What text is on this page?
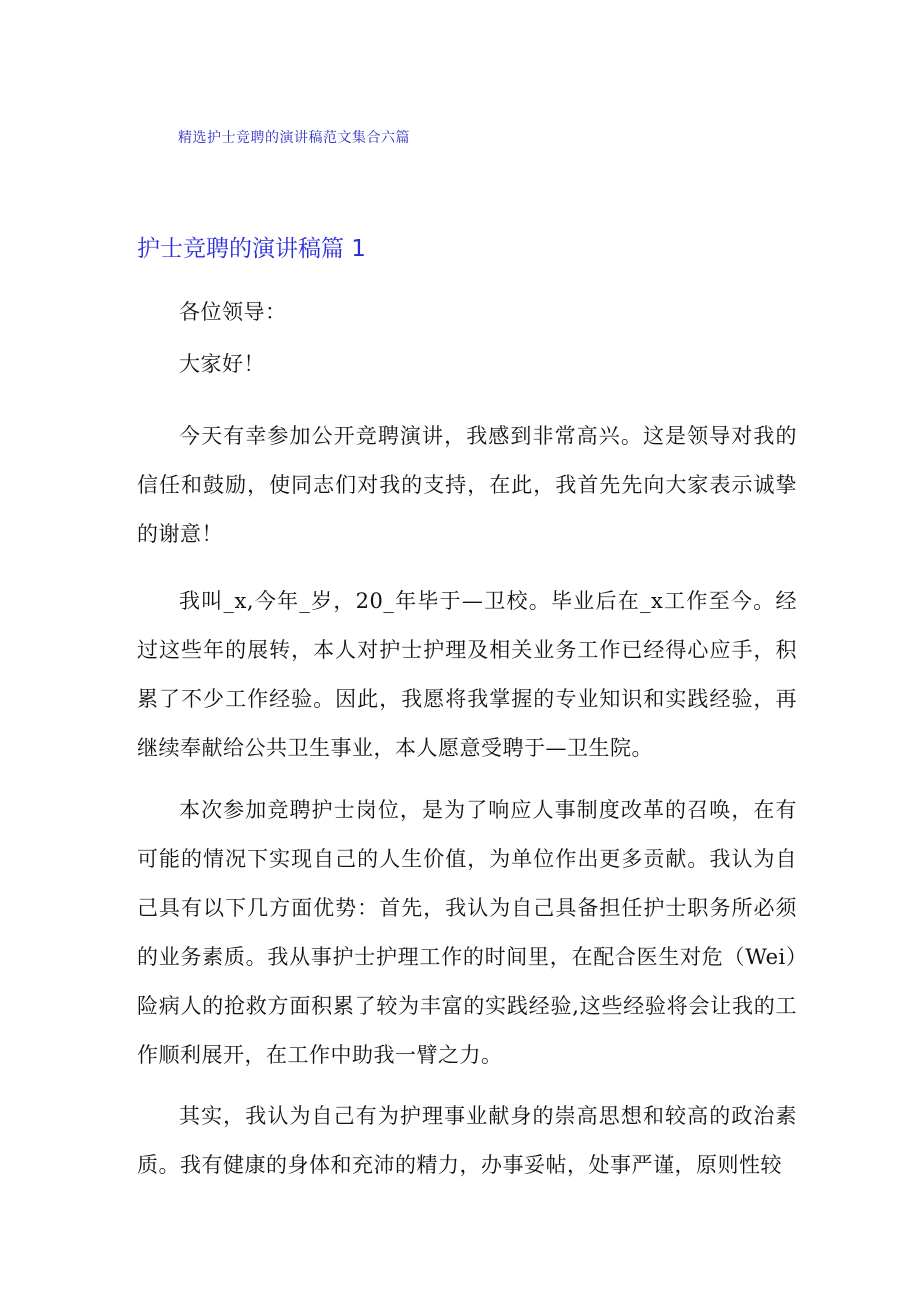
精选护士竞聘的演讲稿范文集合六篇
护士竞聘的演讲稿篇 1

各位领导：

大家好！

今天有幸参加公开竞聘演讲，我感到非常高兴。这是领导对我的信任和鼓励，使同志们对我的支持，在此，我首先先向大家表示诚挚的谢意！

我叫_x,今年_岁，20_年毕于—卫校。毕业后在_x工作至今。经过这些年的展转，本人对护士护理及相关业务工作已经得心应手，积累了不少工作经验。因此，我愿将我掌握的专业知识和实践经验，再继续奉献给公共卫生事业，本人愿意受聘于—卫生院。

本次参加竞聘护士岗位，是为了响应人事制度改革的召唤，在有可能的情况下实现自己的人生价值，为单位作出更多贡献。我认为自己具有以下几方面优势：首先，我认为自己具备担任护士职务所必须的业务素质。我从事护士护理工作的时间里，在配合医生对危（Wei）险病人的抢救方面积累了较为丰富的实践经验,这些经验将会让我的工作顺利展开，在工作中助我一臂之力。

其实，我认为自己有为护理事业献身的崇高思想和较高的政治素质。我有健康的身体和充沛的精力，办事妥帖，处事严谨，原则性较
